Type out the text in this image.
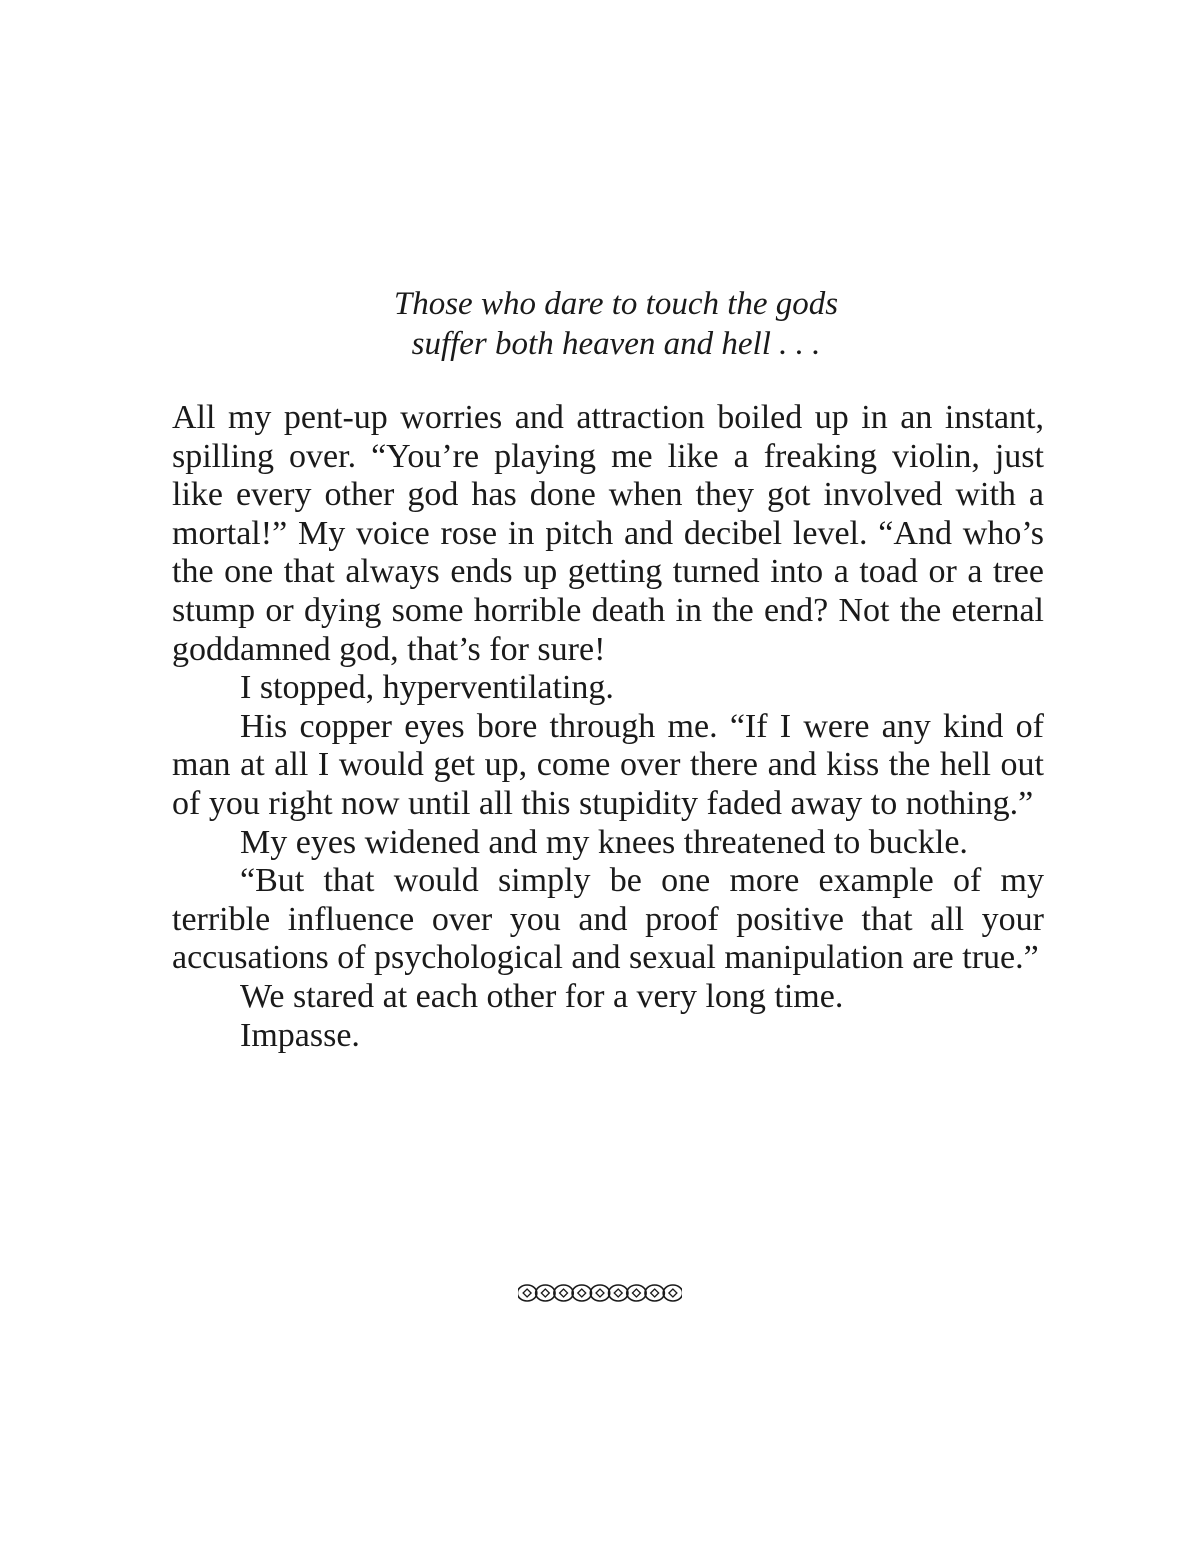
Those who dare to touch the gods
suffer both heaven and hell . . .

All my pent-up worries and attraction boiled up in an instant, spilling over. “You’re playing me like a freaking violin, just like every other god has done when they got involved with a mortal!” My voice rose in pitch and decibel level. “And who’s the one that always ends up getting turned into a toad or a tree stump or dying some horrible death in the end? Not the eternal goddamned god, that’s for sure!

I stopped, hyperventilating.

His copper eyes bore through me. “If I were any kind of man at all I would get up, come over there and kiss the hell out of you right now until all this stupidity faded away to nothing.”

My eyes widened and my knees threatened to buckle.

“But that would simply be one more example of my terrible influence over you and proof positive that all your accusations of psychological and sexual manipulation are true.”

We stared at each other for a very long time.

Impasse.
